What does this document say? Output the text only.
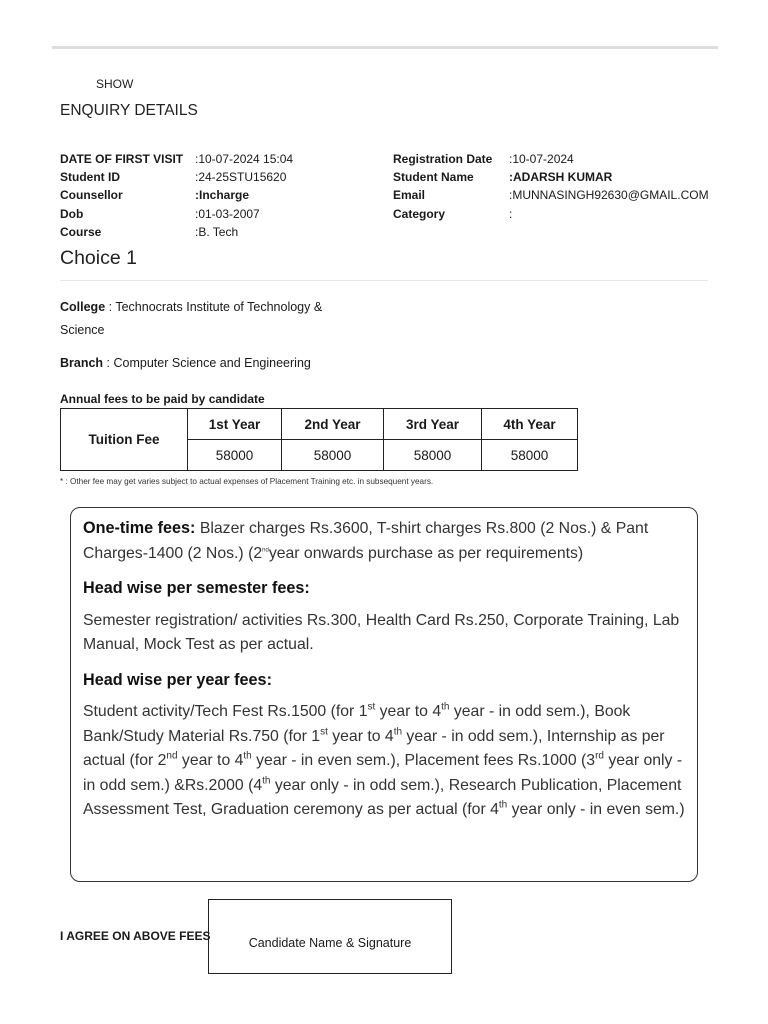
SHOW
ENQUIRY DETAILS
DATE OF FIRST VISIT :10-07-2024 15:04	Registration Date :10-07-2024
Student ID	:24-25STU15620	Student Name	:ADARSH KUMAR
Counsellor	:Incharge	Email	:MUNNASINGH92630@GMAIL.COM
Dob	:01-03-2007	Category	:
Course	:B. Tech
Choice 1
College : Technocrats Institute of Technology & Science
Branch : Computer Science and Engineering
Annual fees to be paid by candidate
Tuition Fee	1st Year	2nd Year	3rd Year	4th Year
	58000	58000	58000	58000
* : Other fee may get varies subject to actual expenses of Placement Training etc. in subsequent years.

One-time fees: Blazer charges Rs.3600, T-shirt charges Rs.800 (2 Nos.) & Pant Charges-1400 (2 Nos.) (2ndyear onwards purchase as per requirements)

Head wise per semester fees:

Semester registration/ activities Rs.300, Health Card Rs.250, Corporate Training, Lab Manual, Mock Test as per actual.

Head wise per year fees:

Student activity/Tech Fest Rs.1500 (for 1st year to 4th year - in odd sem.), Book Bank/Study Material Rs.750 (for 1st year to 4th year - in odd sem.), Internship as per actual (for 2nd year to 4th year - in even sem.), Placement fees Rs.1000 (3rd year only - in odd sem.) &Rs.2000 (4th year only - in odd sem.), Research Publication, Placement Assessment Test, Graduation ceremony as per actual (for 4th year only - in even sem.)

I AGREE ON ABOVE FEES	Candidate Name & Signature
